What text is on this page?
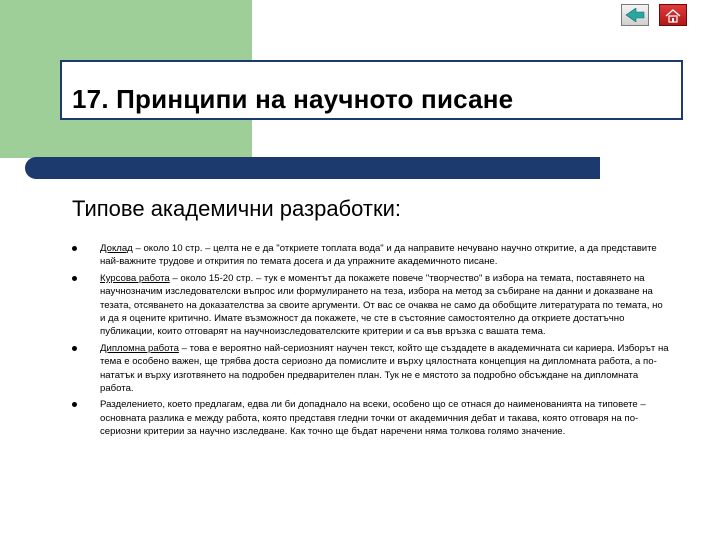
17. Принципи на научното писане
Типове академични разработки:
Доклад – около 10 стр. – целта не е да "откриете топлата вода" и да направите нечувано научно откритие, а да представите най-важните трудове и открития по темата досега и да упражните академичното писане.
Курсова работа – около 15-20 стр. – тук е моментът да покажете повече "творчество" в избора на темата, поставянето на научнозначим изследователски въпрос или формулирането на теза, избора на метод за събиране на данни и доказване на тезата, отсяването на доказателства за своите аргументи. От вас се очаква не само да обобщите литературата по темата, но и да я оцените критично. Имате възможност да покажете, че сте в състояние самостоятелно да откриете достатъчно публикации, които отговарят на научноизследователските критерии и са във връзка с вашата тема.
Дипломна работа – това е вероятно най-сериозният научен текст, който ще създадете в академичната си кариера. Изборът на тема е особено важен, ще трябва доста сериозно да помислите и върху цялостната концепция на дипломната работа, а по-нататък и върху изготвянето на подробен предварителен план. Тук не е мястото за подробно обсъждане на дипломната работа.
Разделението, което предлагам, едва ли би допаднало на всеки, особено що се отнася до наименованията на типовете – основната разлика е между работа, която представя гледни точки от академичния дебат и такава, която отговаря на по-сериозни критерии за научно изследване. Как точно ще бъдат наречени няма толкова голямо значение.
